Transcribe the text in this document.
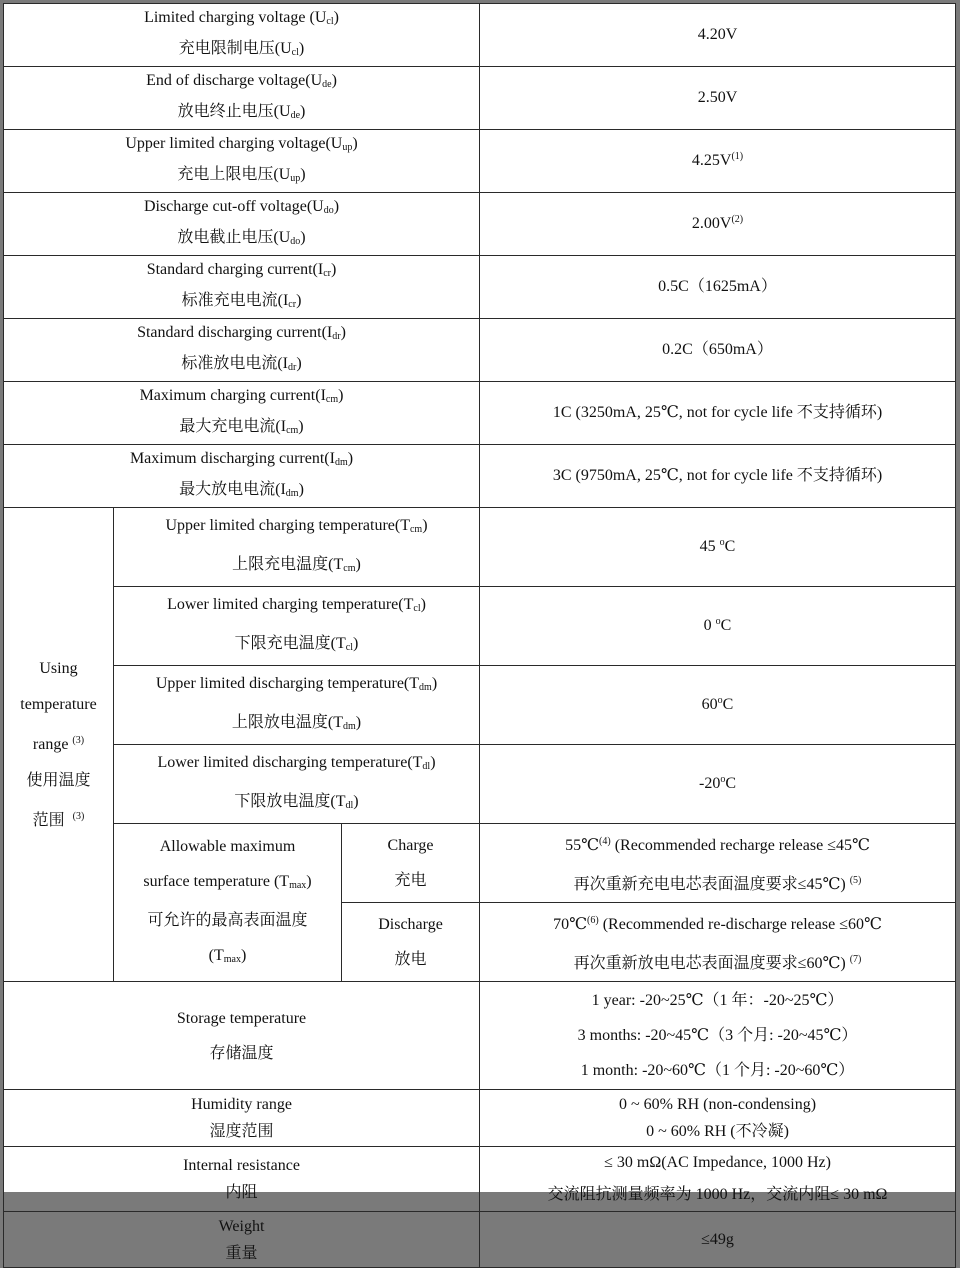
Limited charging voltage $(U_{cl})$
充电限制电压$(U_{cl})$			4.20V

End of discharge $voltage(U_{de})$
放电终止电压$(U_{de})$			2.50V

Upper limited charging $voltage(U_{up})$
充电上限电压$(U_{up})$			$4.25V^{(1)}$

Discharge cut-off $voltage(U_{do})$
放电截止电压$(U_{do})$			$2.00V^{(2)}$

Standard charging $current(I_{cr})$
标准充电电流$(I_{cr})$			0.5C（1625mA）

Standard discharging $current(I_{dr})$
标准放电电流$(I_{dr})$			0.2C（650mA）

Maximum charging $current(I_{cm})$
最大充电电流$(I_{cm})$			1C (3250mA, 25℃, not for cycle life 不支持循环)

Maximum discharging $current(I_{dm})$
最大放电电流$(I_{dm})$			3C (9750mA, 25℃, not for cycle life 不支持循环)

Using
temperature
range $^{(3)}$
使用温度
范围 $^{(3)}$	Upper limited charging $temperature(T_{cm})$
上限充电温度$(T_{cm})$		45 $^o$C

	Lower limited charging $temperature(T_{cl})$
下限充电温度$(T_{cl})$		0 $^o$C

	Upper limited discharging $temperature(T_{dm})$
上限放电温度$(T_{dm})$		60$^o$C

	Lower limited discharging $temperature(T_{dl})$
下限放电温度$(T_{dl})$		-20$^o$C

	Allowable maximum
surface temperature $(T_{max})$
可允许的最高表面温度
$(T_{max})$	Charge
充电	55℃$^{(4)}$ (Recommended recharge release ≤45℃
再次重新充电电芯表面温度要求≤45℃) $^{(5)}$

		Discharge
放电	70℃$^{(6)}$ (Recommended re-discharge release ≤60℃
再次重新放电电芯表面温度要求≤60℃) $^{(7)}$

Storage temperature
存储温度			1 year: -20~25℃（1 年：-20~25℃）
3 months: -20~45℃（3 个月: -20~45℃）
1 month: -20~60℃（1 个月: -20~60℃）

Humidity range
湿度范围			0 ~ 60% RH (non-condensing)
0 ~ 60% RH (不冷凝)

Internal resistance
内阻			≤ 30 mΩ(AC Impedance, 1000 Hz)
交流阻抗测量频率为 1000 Hz，交流内阻≤ 30 mΩ

Weight
重量			≤49g
